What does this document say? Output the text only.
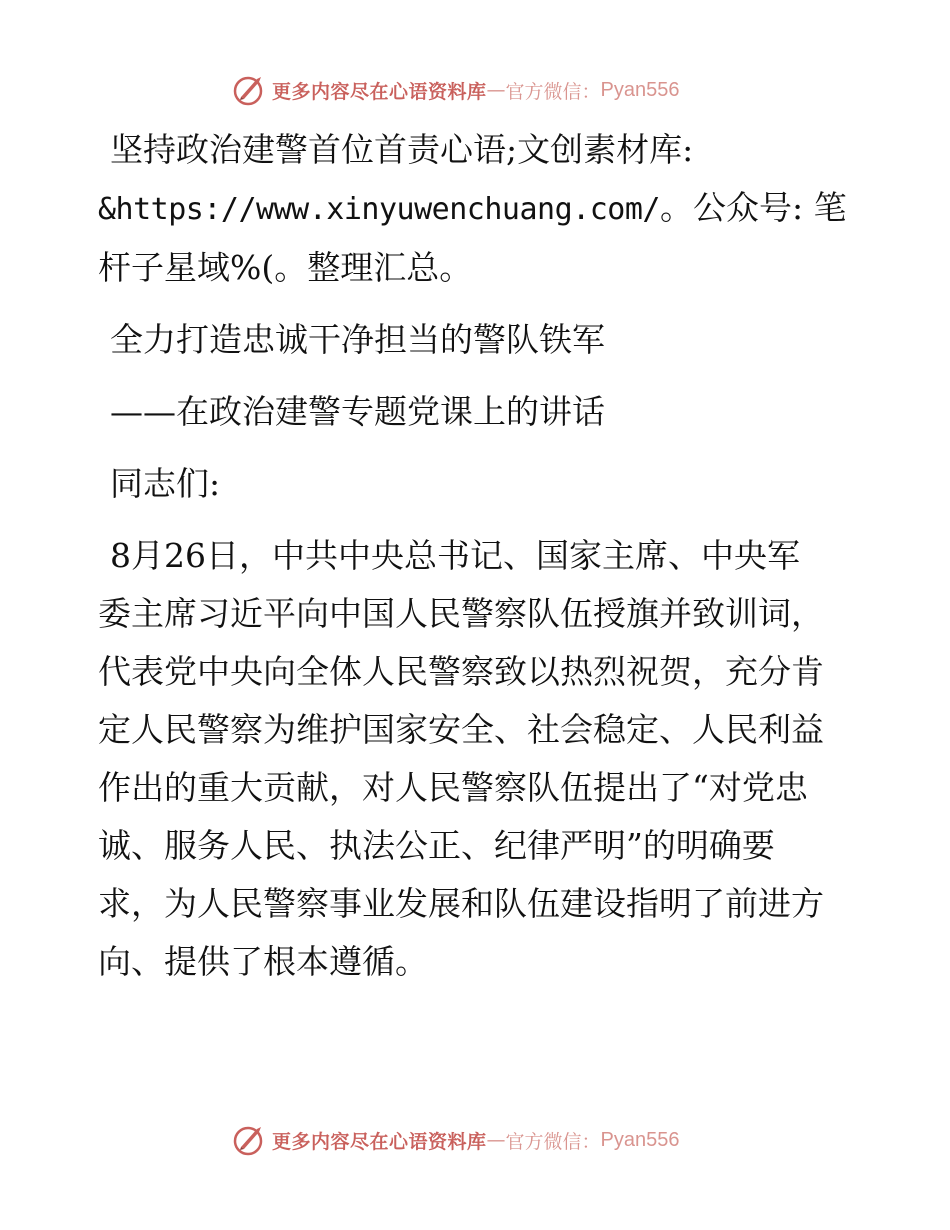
更多内容尽在心语资料库 — 官方微信： Pyan556

坚持政治建警首位首责心语;文创素材库:
&https://www.xinyuwenchuang.com/。公众号: 笔
杆子星域%(。整理汇总。

全力打造忠诚干净担当的警队铁军

——在政治建警专题党课上的讲话

同志们:

8月26日，中共中央总书记、国家主席、中央军
委主席习近平向中国人民警察队伍授旗并致训词，
代表党中央向全体人民警察致以热烈祝贺，充分肯
定人民警察为维护国家安全、社会稳定、人民利益
作出的重大贡献，对人民警察队伍提出了“对党忠
诚、服务人民、执法公正、纪律严明”的明确要
求，为人民警察事业发展和队伍建设指明了前进方
向、提供了根本遵循。

更多内容尽在心语资料库 — 官方微信： Pyan556
